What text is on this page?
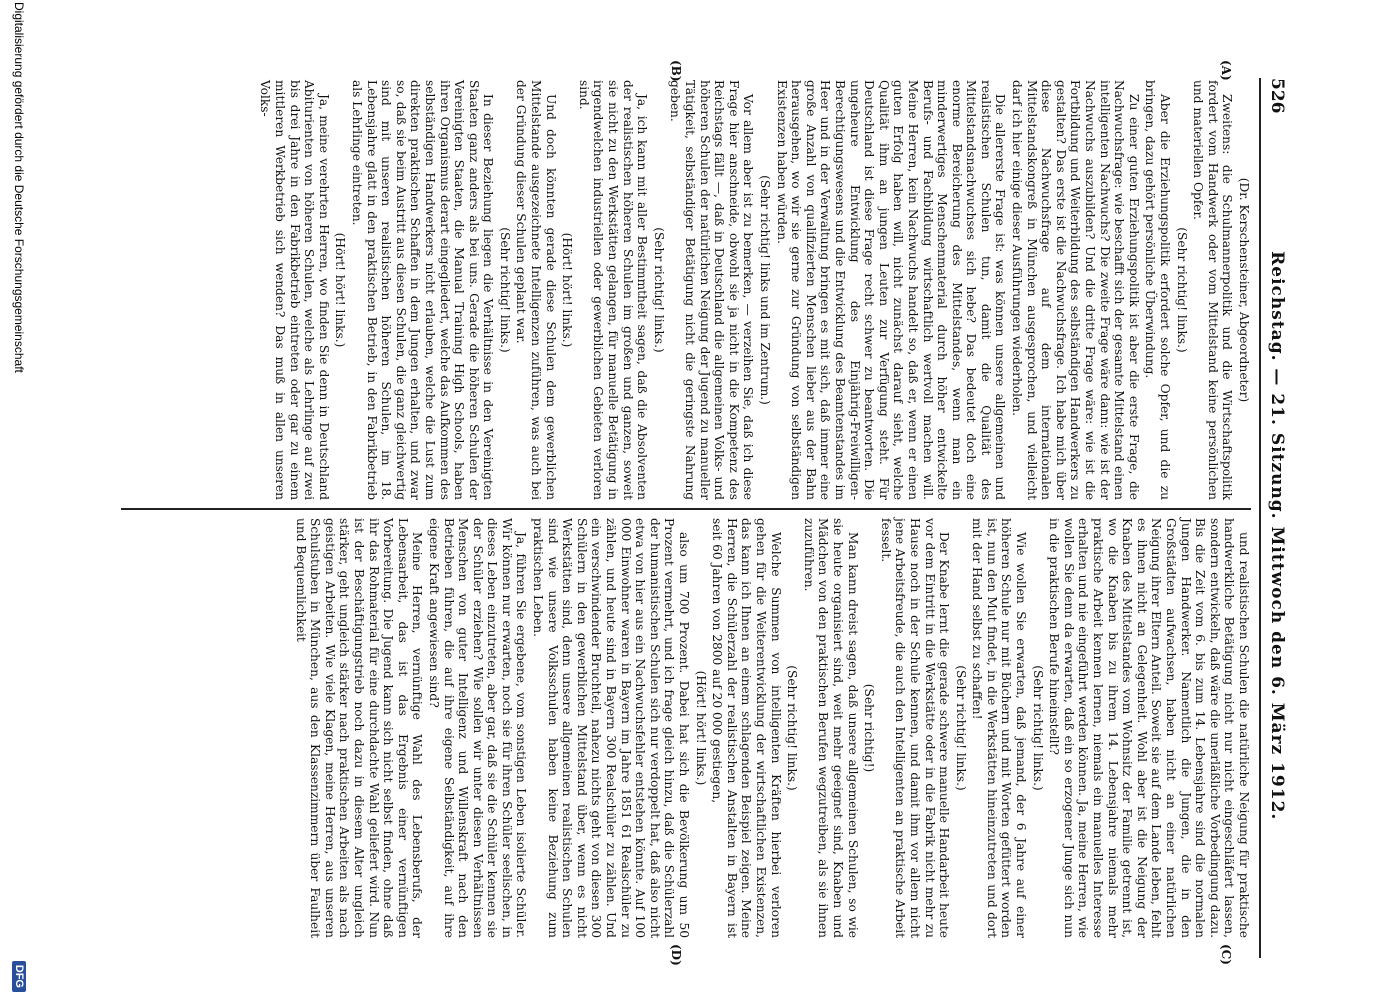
526
Reichstag. — 21. Sitzung. Mittwoch den 6. März 1912.
(A)
(B)
(C)
(D)

(Dr. Kerschensteiner, Abgeordneter)

Zweitens: die Schulmannerpolitik und die Wirtschaftspolitik fordert vom Handwerk oder vom Mittelstand keine persönlichen und materiellen Opfer.

(Sehr richtig! links.)

Aber die Erziehungspolitik erfordert solche Opfer, und die zu bringen, dazu gehört persönliche Überwindung.

Zu einer guten Erziehungspolitik ist aber die erste Frage, die Nachwuchsfrage: wie beschafft sich der gesamte Mittelstand einen intelligenten Nachwuchs? Die zweite Frage wäre dann: wie ist der Nachwuchs auszubilden? Und die dritte Frage wäre: wie ist die Fortbildung und Weiterbildung des selbständigen Handwerkers zu gestalten? Das erste ist die Nachwuchsfrage. Ich habe mich über diese Nachwuchsfrage auf dem internationalen Mittelstandskongreß in München ausgesprochen, und vielleicht darf ich hier einige dieser Ausführungen wiederholen.

Die allererste Frage ist: was können unsere allgemeinen und realistischen Schulen tun, damit die Qualität des Mittelstandsnachwuchses sich hebe? Das bedeutet doch eine enorme Bereicherung des Mittelstandes, wenn man ein minderwertiges Menschenmaterial durch höher entwickelte Berufs- und Fachbildung wirtschaftlich wertvoll machen will. Meine Herren, kein Nachwuchs handelt so, daß er, wenn er einen guten Erfolg haben will, nicht zunächst darauf sieht, welche Qualität ihm an jungen Leuten zur Verfügung steht. Für Deutschland ist diese Frage recht schwer zu beantworten. Die ungeheure Entwicklung des Einjährig-Freiwilligen-Berechtigungswesens und die Entwicklung des Beamtenstandes im Heer und in der Verwaltung bringen es mit sich, daß immer eine große Anzahl von qualifizierten Menschen lieber aus der Bahn herausgehen, wo wir sie gerne zur Gründung von selbständigen Existenzen haben würden.

(Sehr richtig! links und im Zentrum.)

Vor allem aber ist zu bemerken, — verzeihen Sie, daß ich diese Frage hier anschneide, obwohl sie ja nicht in die Kompetenz des Reichstags fällt —, daß in Deutschland die allgemeinen Volks- und höheren Schulen der natürlichen Neigung der Jugend zu manueller Tätigkeit, selbständiger Betätigung nicht die geringste Nahrung geben.

(Sehr richtig! links.)

Ja, ich kann mit aller Bestimmtheit sagen, daß die Absolventen der realistischen höheren Schulen im großen und ganzen, soweit sie nicht zu den Werkstätten gelangen, für manuelle Betätigung in irgendwelchen industriellen oder gewerblichen Gebieten verloren sind.

(Hört! hört! links.)

Und doch könnten gerade diese Schulen dem gewerblichen Mittelstande ausgezeichnete Intelligenzen zuführen, was auch bei der Gründung dieser Schulen geplant war.

(Sehr richtig! links.)

In dieser Beziehung liegen die Verhältnisse in den Vereinigten Staaten ganz anders als bei uns. Gerade die höheren Schulen der Vereinigten Staaten, die Manual Training High Schools, haben ihren Organismus derart eingegliedert, welche das Aufkommen des selbständigen Handwerkers nicht erlauben, welche die Lust zum direkten praktischen Schaffen in dem Jungen erhalten, und zwar so, daß sie beim Austritt aus diesen Schulen, die ganz gleichwertig sind mit unseren realistischen höheren Schulen, im 18. Lebensjahre glatt in den praktischen Betrieb, in den Fabrikbetrieb als Lehrlinge eintreten.

(Hört! hört! links.)

Ja, meine verehrten Herren, wo finden Sie denn in Deutschland Abiturienten von höheren Schulen, welche als Lehrlinge auf zwei bis drei Jahre in den Fabrikbetrieb eintreten oder gar zu einem mittleren Werkbetrieb sich wenden? Das muß in allen unseren Volks-

und realistischen Schulen die natürliche Neigung für praktische handwerkliche Betätigung nicht nur nicht eingeschläfert lassen, sondern entwickeln, daß wäre die unerläßliche Vorbedingung dazu. Bis die Zeit vom 6. bis zum 14. Lebensjahre sind die normalen Jungen Handwerker. Namentlich die Jungen, die in den Großstädten aufwachsen, haben nicht an einer natürlichen Neigung ihrer Eltern Anteil. Soweit sie auf dem Lande leben, fehlt es ihnen nicht an Gelegenheit. Wohl aber ist die Neigung der Knaben des Mittelstandes vom Wohnsitz der Familie getrennt ist, wo die Knaben bis zu ihrem 14. Lebensjahre niemals mehr praktische Arbeit kennen lernen, niemals ein manuelles Interesse erhalten und nie eingeführt werden können. Ja, meine Herren, wie wollen Sie denn da erwarten, daß ein so erzogener Junge sich nun in die praktischen Berufe hineinstellt?

(Sehr richtig! links.)

Wie wollen Sie erwarten, daß jemand, der 6 Jahre auf einer höheren Schule nur mit Büchern und mit Worten gefüttert worden ist, nun den Mut findet, in die Werkstätten hineinzutreten und dort mit der Hand selbst zu schaffen!

(Sehr richtig! links.)

Der Knabe lernt die gerade schwere manuelle Handarbeit heute vor dem Eintritt in die Werkstätte oder in die Fabrik nicht mehr zu Hause noch in der Schule kennen, und damit ihm vor allem nicht jene Arbeitsfreude, die auch den Intelligenten an praktische Arbeit fesselt.

(Sehr richtig!)

Man kann dreist sagen, daß unsere allgemeinen Schulen, so wie sie heute organisiert sind, weit mehr geeignet sind, Knaben und Mädchen von den praktischen Berufen wegzutreiben, als sie ihnen zuzuführen.

(Sehr richtig! links.)

Welche Summen von intelligenten Kräften hierbei verloren gehen für die Weiterentwicklung der wirtschaftlichen Existenzen, das kann ich Ihnen an einem schlagenden Beispiel zeigen. Meine Herren, die Schülerzahl der realistischen Anstalten in Bayern ist seit 60 Jahren von 2800 auf 20 000 gestiegen,

(Hört! hört! links.)

also um 700 Prozent. Dabei hat sich die Bevölkerung um 50 Prozent vermehrt, und ich frage gleich hinzu, daß die Schülerzahl der humanistischen Schulen sich nur verdoppelt hat, daß also nicht etwa von hier aus ein Nachwuchsfehler entstehen könnte. Auf 100 000 Einwohner waren in Bayern im Jahre 1851 61 Realschüler zu zählen, und heute sind in Bayern 300 Realschüler zu zählen. Und ein verschwindender Bruchteil, nahezu nichts geht von diesen 300 Schülern in den gewerblichen Mittelstand über, wenn es nicht Werkstätten sind, denn unsere allgemeinen realistischen Schulen sind wie unsere Volksschulen haben keine Beziehung zum praktischen Leben.

Ja, führen Sie ergebene, vom sonstigen Leben isolierte Schüler. Wir können nur erwarten, noch sie für ihren Schüler seelischen, in dieses Leben einzutreten, aber gar, daß sie die Schüler kennen sie der Schüler erziehen? Wie sollen wir unter diesen Verhältnissen Menschen von guter Intelligenz und Willenskraft nach den Betrieben führen, die auf ihre eigene Selbständigkeit, auf ihre eigene Kraft angewiesen sind?

Meine Herren, vernünftige Wahl des Lebensberufs, der Lebensarbeit, das ist das Ergebnis einer vernünftigen Vorbereitung. Die Jugend kann sich nicht selbst finden, ohne daß ihr das Rohmaterial für eine durchdachte Wahl geliefert wird. Nun ist der Beschäftigungstrieb noch dazu in diesem Alter ungleich stärker, geht ungleich stärker nach praktischen Arbeiten als nach geistigen Arbeiten. Wie viele Klagen, meine Herren, aus unseren Schulstuben in München, aus den Klassenzimmern über Faulheit und Bequemlichkeit

Digitalisierung gefördert durch die Deutsche Forschungsgemeinschaft
DFG
